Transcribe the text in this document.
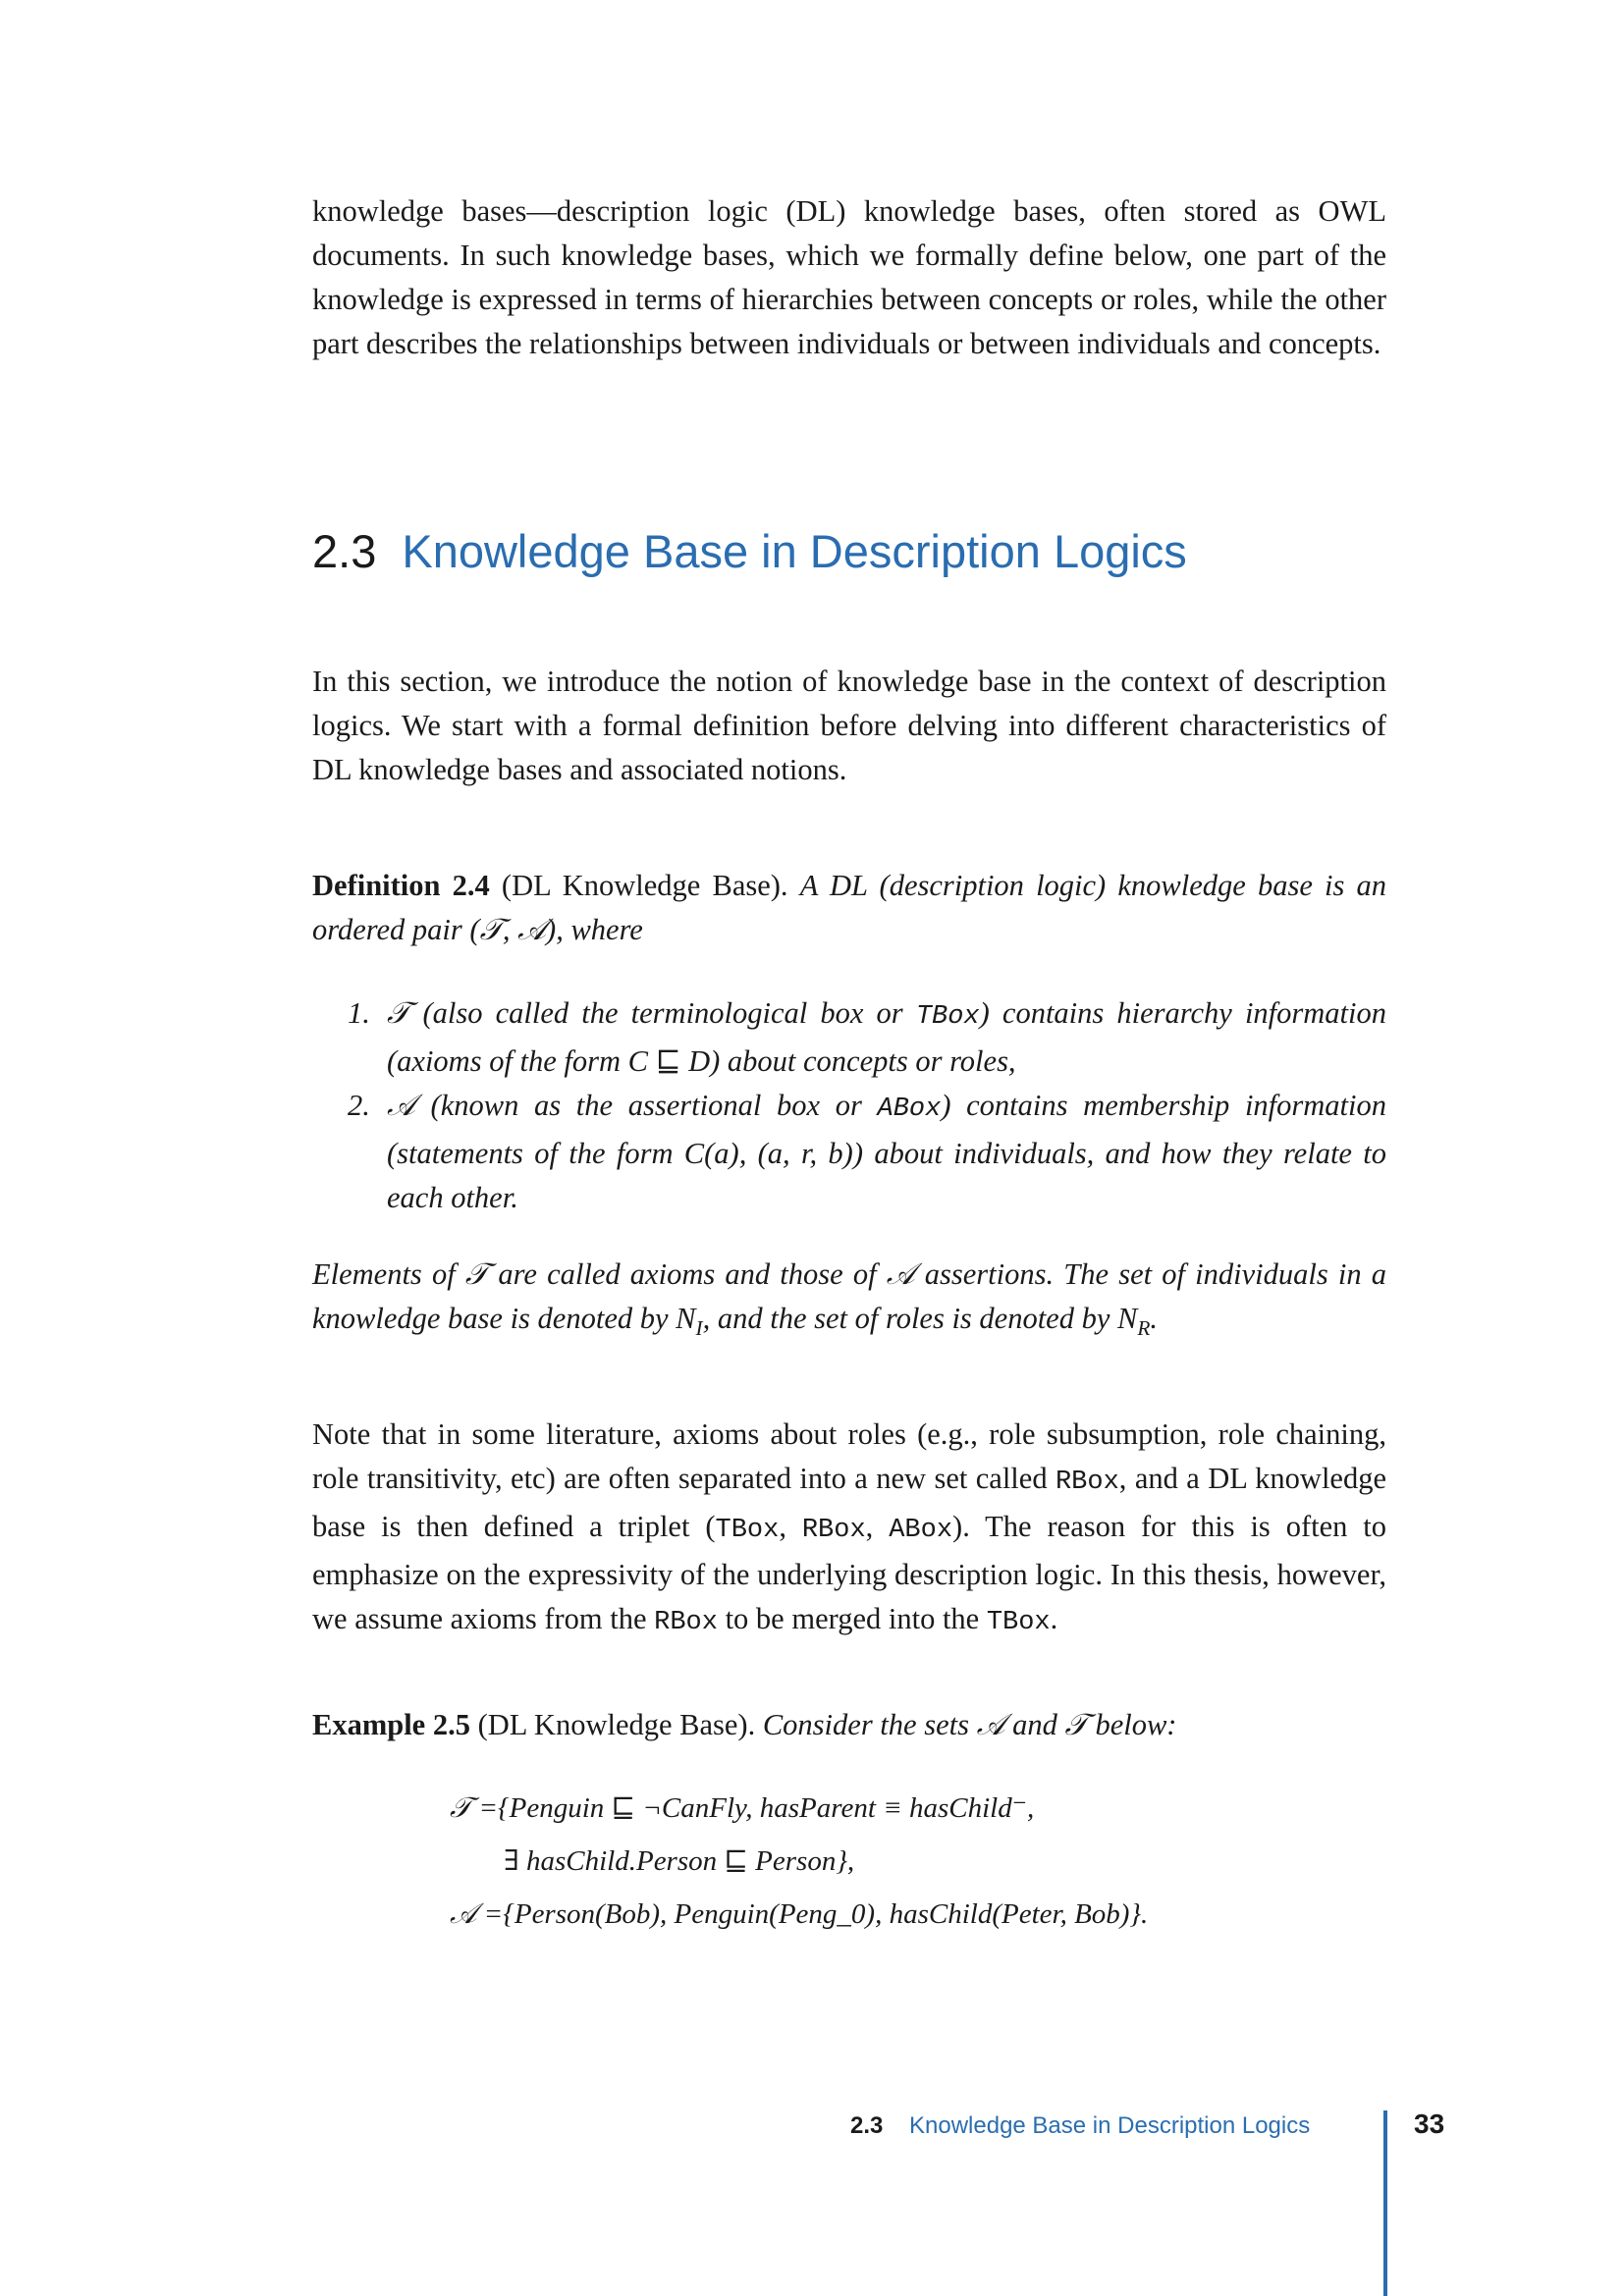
knowledge bases—description logic (DL) knowledge bases, often stored as OWL documents. In such knowledge bases, which we formally define below, one part of the knowledge is expressed in terms of hierarchies between concepts or roles, while the other part describes the relationships between individuals or between individuals and concepts.

2.3 Knowledge Base in Description Logics

In this section, we introduce the notion of knowledge base in the context of description logics. We start with a formal definition before delving into different characteristics of DL knowledge bases and associated notions.

Definition 2.4 (DL Knowledge Base). A DL (description logic) knowledge base is an ordered pair (𝒯, 𝒜), where

1. 𝒯 (also called the terminological box or TBox) contains hierarchy information (axioms of the form C ⊑ D) about concepts or roles,
2. 𝒜 (known as the assertional box or ABox) contains membership information (statements of the form C(a), (a, r, b)) about individuals, and how they relate to each other.

Elements of 𝒯 are called axioms and those of 𝒜 assertions. The set of individuals in a knowledge base is denoted by $N_I$, and the set of roles is denoted by $N_R$.

Note that in some literature, axioms about roles (e.g., role subsumption, role chaining, role transitivity, etc) are often separated into a new set called RBox, and a DL knowledge base is then defined a triplet (TBox, RBox, ABox). The reason for this is often to emphasize on the expressivity of the underlying description logic. In this thesis, however, we assume axioms from the RBox to be merged into the TBox.

Example 2.5 (DL Knowledge Base). Consider the sets 𝒜 and 𝒯 below:

𝒯 ={Penguin ⊑ ¬CanFly, hasParent ≡ hasChild⁻,
∃ hasChild.Person ⊑ Person},
𝒜 ={Person(Bob), Penguin(Peng_0), hasChild(Peter, Bob)}.
2.3 Knowledge Base in Description Logics	33
